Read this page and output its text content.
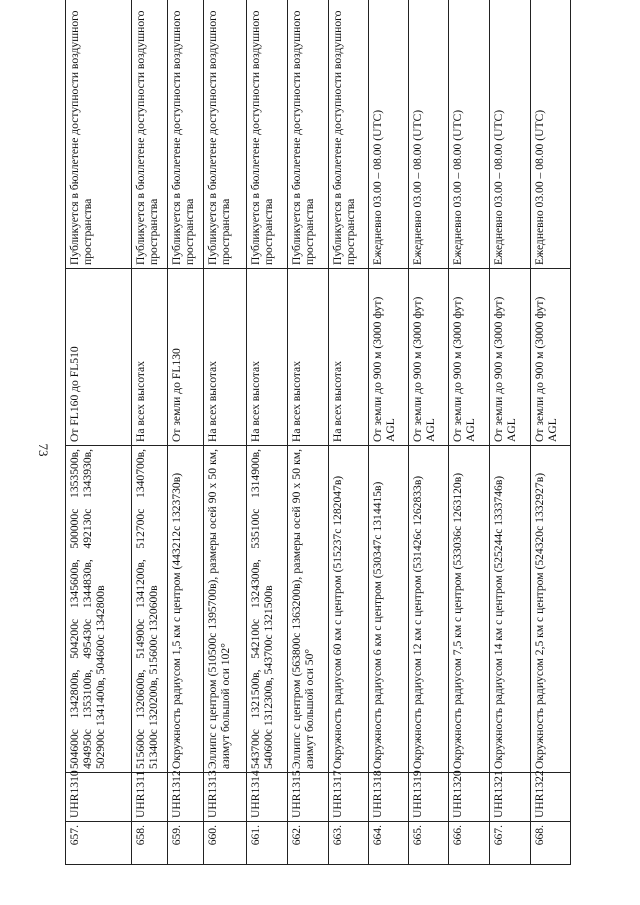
73
657.	UHR1310	504600с 1342800в, 504200с 1345600в, 500000с 1353500в, 494950с 1353100в, 495430с 1344830в, 492130с 1343930в, 502900с 1341400в, 504600с 1342800в	От FL160 до FL510	Публикуется в бюллетене доступности воздушного пространства
658.	UHR1311	515600с 1320600в, 514900с 1341200в, 512700с 1340700в, 513400с 1320200в, 515600с 1320600в	На всех высотах	Публикуется в бюллетене доступности воздушного пространства
659.	UHR1312	Окружность радиусом 1,5 км с центром (443212с 1323730в)	От земли до FL130	Публикуется в бюллетене доступности воздушного пространства
660.	UHR1313	Эллипс с центром (510500с 1395700в), размеры осей 90 х 50 км, азимут большой оси 102°	На всех высотах	Публикуется в бюллетене доступности воздушного пространства
661.	UHR1314	543700с 1321500в, 542100с 1324300в, 535100с 1314900в, 540600с 1312300в, 543700с 1321500в	На всех высотах	Публикуется в бюллетене доступности воздушного пространства
662.	UHR1315	Эллипс с центром (563800с 1363200в), размеры осей 90 х 50 км, азимут большой оси 50°	На всех высотах	Публикуется в бюллетене доступности воздушного пространства
663.	UHR1317	Окружность радиусом 60 км с центром (515237с 1282047в)	На всех высотах	Публикуется в бюллетене доступности воздушного пространства
664.	UHR1318	Окружность радиусом 6 км с центром (530347с 1314415в)	От земли до 900 м (3000 фут) AGL	Ежедневно 03.00 – 08.00 (UTC)
665.	UHR1319	Окружность радиусом 12 км с центром (531426с 1262833в)	От земли до 900 м (3000 фут) AGL	Ежедневно 03.00 – 08.00 (UTC)
666.	UHR1320	Окружность радиусом 7,5 км с центром (533036с 1263120в)	От земли до 900 м (3000 фут) AGL	Ежедневно 03.00 – 08.00 (UTC)
667.	UHR1321	Окружность радиусом 14 км с центром (525244с 1333746в)	От земли до 900 м (3000 фут) AGL	Ежедневно 03.00 – 08.00 (UTC)
668.	UHR1322	Окружность радиусом 2,5 км с центром (524320с 1332927в)	От земли до 900 м (3000 фут) AGL	Ежедневно 03.00 – 08.00 (UTC)
